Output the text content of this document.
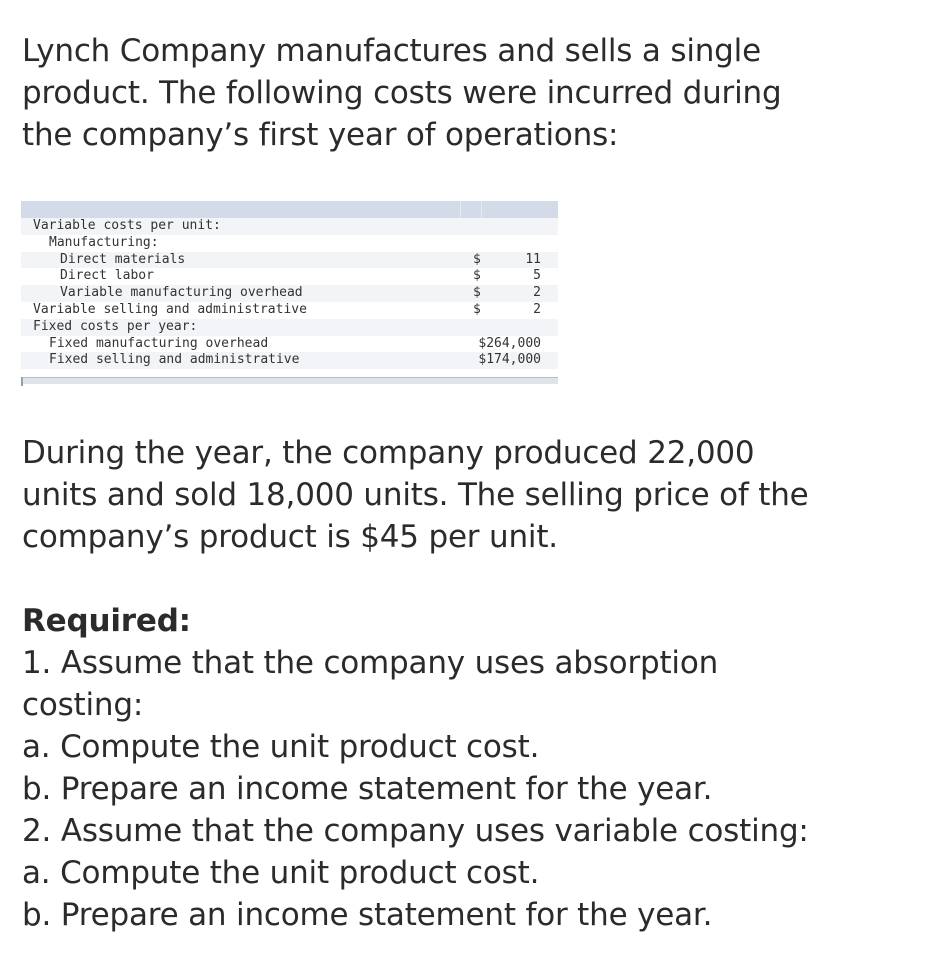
Lynch Company manufactures and sells a single
product. The following costs were incurred during
the company’s first year of operations:
Variable costs per unit:
Manufacturing:
Direct materials	$	11
Direct labor	$	5
Variable manufacturing overhead	$	2
Variable selling and administrative	$	2
Fixed costs per year:
Fixed manufacturing overhead	$264,000
Fixed selling and administrative	$174,000
During the year, the company produced 22,000
units and sold 18,000 units. The selling price of the
company’s product is $45 per unit.
Required:
1. Assume that the company uses absorption
costing:
a. Compute the unit product cost.
b. Prepare an income statement for the year.
2. Assume that the company uses variable costing:
a. Compute the unit product cost.
b. Prepare an income statement for the year.
